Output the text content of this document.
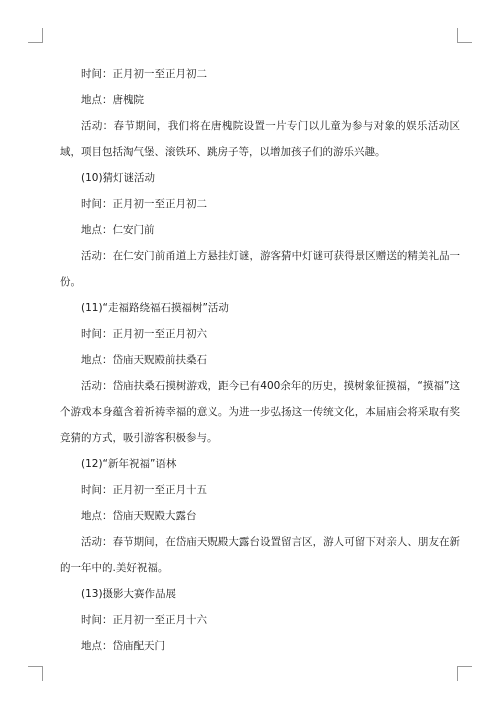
时间：正月初一至正月初二

地点：唐槐院

活动：春节期间，我们将在唐槐院设置一片专门以儿童为参与对象的娱乐活动区域，项目包括淘气堡、滚铁环、跳房子等，以增加孩子们的游乐兴趣。

(10)猜灯谜活动

时间：正月初一至正月初二

地点：仁安门前

活动：在仁安门前甬道上方悬挂灯谜，游客猜中灯谜可获得景区赠送的精美礼品一份。

(11)“走福路绕福石摸福树”活动

时间：正月初一至正月初六

地点：岱庙天贶殿前扶桑石

活动：岱庙扶桑石摸树游戏，距今已有400余年的历史，摸树象征摸福，“摸福”这个游戏本身蕴含着祈祷幸福的意义。为进一步弘扬这一传统文化，本届庙会将采取有奖竞猜的方式，吸引游客积极参与。

(12)“新年祝福”语林

时间：正月初一至正月十五

地点：岱庙天贶殿大露台

活动：春节期间，在岱庙天贶殿大露台设置留言区，游人可留下对亲人、朋友在新的一年中的.美好祝福。

(13)摄影大赛作品展

时间：正月初一至正月十六

地点：岱庙配天门
